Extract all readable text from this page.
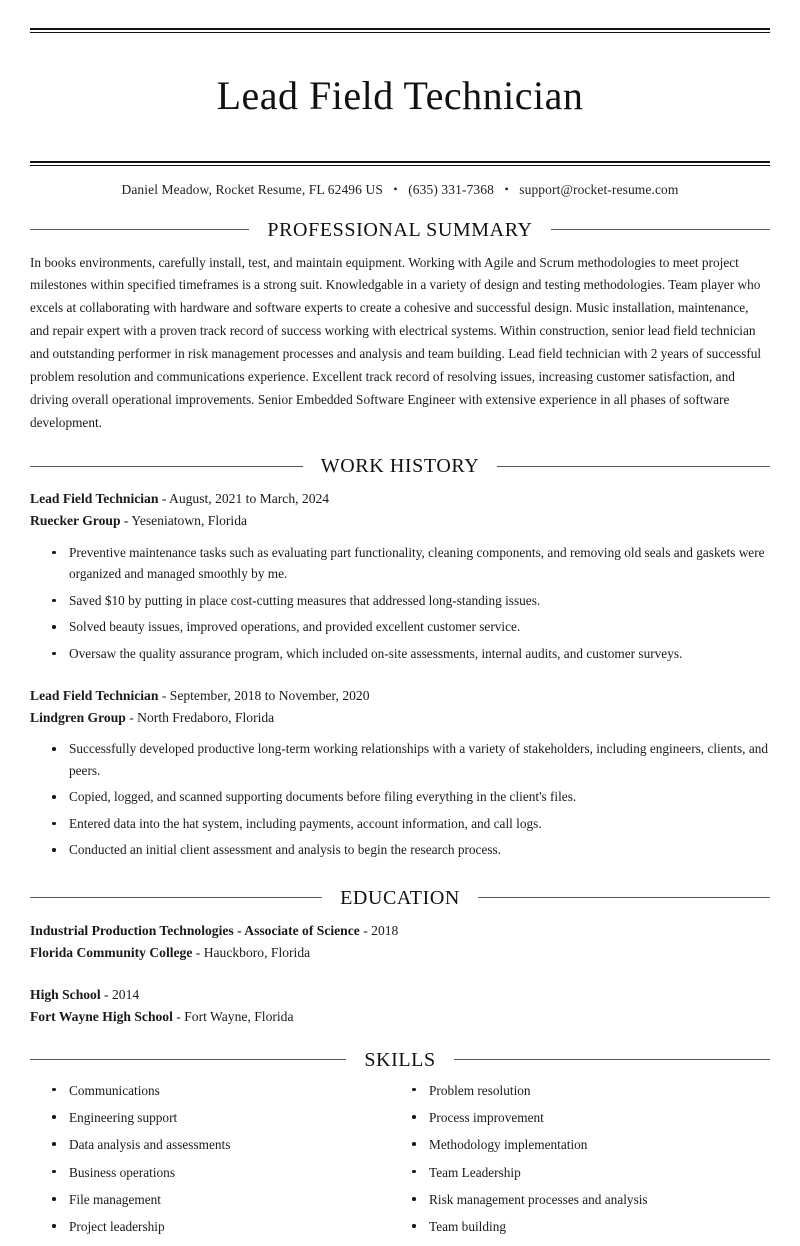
Lead Field Technician
Daniel Meadow, Rocket Resume, FL 62496 US • (635) 331-7368 • support@rocket-resume.com
PROFESSIONAL SUMMARY

In books environments, carefully install, test, and maintain equipment. Working with Agile and Scrum methodologies to meet project milestones within specified timeframes is a strong suit. Knowledgable in a variety of design and testing methodologies. Team player who excels at collaborating with hardware and software experts to create a cohesive and successful design. Music installation, maintenance, and repair expert with a proven track record of success working with electrical systems. Within construction, senior lead field technician and outstanding performer in risk management processes and analysis and team building. Lead field technician with 2 years of successful problem resolution and communications experience. Excellent track record of resolving issues, increasing customer satisfaction, and driving overall operational improvements. Senior Embedded Software Engineer with extensive experience in all phases of software development.

WORK HISTORY
Lead Field Technician - August, 2021 to March, 2024
Ruecker Group - Yeseniatown, Florida
Preventive maintenance tasks such as evaluating part functionality, cleaning components, and removing old seals and gaskets were organized and managed smoothly by me.
Saved $10 by putting in place cost-cutting measures that addressed long-standing issues.
Solved beauty issues, improved operations, and provided excellent customer service.
Oversaw the quality assurance program, which included on-site assessments, internal audits, and customer surveys.
Lead Field Technician - September, 2018 to November, 2020
Lindgren Group - North Fredaboro, Florida
Successfully developed productive long-term working relationships with a variety of stakeholders, including engineers, clients, and peers.
Copied, logged, and scanned supporting documents before filing everything in the client's files.
Entered data into the hat system, including payments, account information, and call logs.
Conducted an initial client assessment and analysis to begin the research process.
EDUCATION
Industrial Production Technologies - Associate of Science - 2018
Florida Community College - Hauckboro, Florida
High School - 2014
Fort Wayne High School - Fort Wayne, Florida
SKILLS
Communications
Engineering support
Data analysis and assessments
Business operations
File management
Project leadership
Problem resolution
Process improvement
Methodology implementation
Team Leadership
Risk management processes and analysis
Team building
